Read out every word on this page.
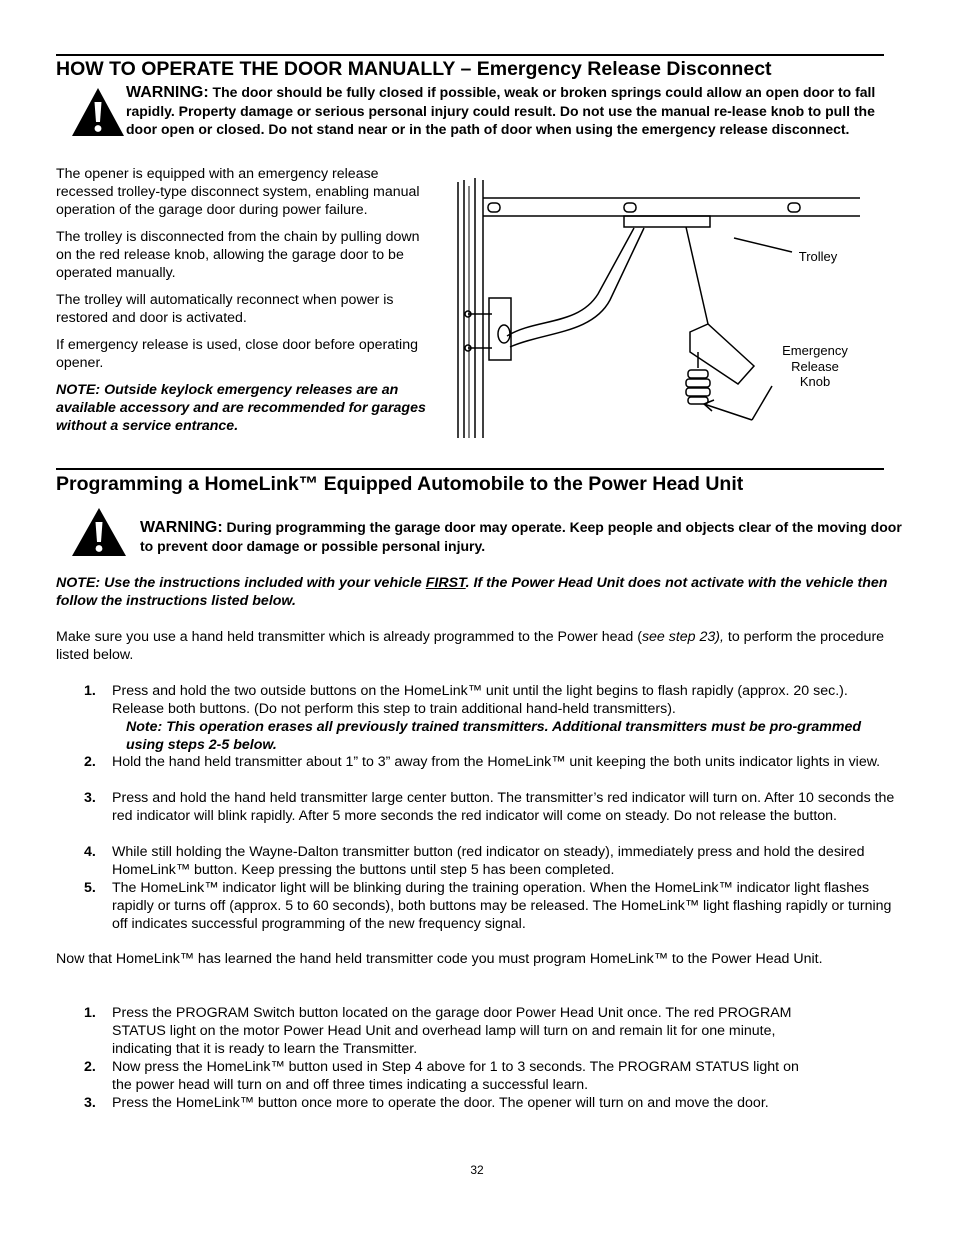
HOW TO OPERATE THE DOOR MANUALLY – Emergency Release Disconnect
WARNING: The door should be fully closed if possible, weak or broken springs could allow an open door to fall rapidly. Property damage or serious personal injury could result. Do not use the manual re-lease knob to pull the door open or closed. Do not stand near or in the path of door when using the emergency release disconnect.

The opener is equipped with an emergency release recessed trolley-type disconnect system, enabling manual operation of the garage door during power failure.

The trolley is disconnected from the chain by pulling down on the red release knob, allowing the garage door to be operated manually.

The trolley will automatically reconnect when power is restored and door is activated.

If emergency release is used, close door before operating opener.

NOTE: Outside keylock emergency releases are an available accessory and are recommended for garages without a service entrance.

Trolley
Emergency
Release
Knob
Programming a HomeLink™ Equipped Automobile to the Power Head Unit
WARNING: During programming the garage door may operate. Keep people and objects clear of the moving door to prevent door damage or possible personal injury.
NOTE: Use the instructions included with your vehicle FIRST. If the Power Head Unit does not activate with the vehicle then follow the instructions listed below.
Make sure you use a hand held transmitter which is already programmed to the Power head (see step 23), to perform the procedure listed below.
1. Press and hold the two outside buttons on the HomeLink™ unit until the light begins to flash rapidly (approx. 20 sec.). Release both buttons. (Do not perform this step to train additional hand-held transmitters).
Note: This operation erases all previously trained transmitters. Additional transmitters must be pro-grammed using steps 2-5 below.
2. Hold the hand held transmitter about 1” to 3” away from the HomeLink™ unit keeping the both units indicator lights in view.
3. Press and hold the hand held transmitter large center button. The transmitter’s red indicator will turn on. After 10 seconds the red indicator will blink rapidly. After 5 more seconds the red indicator will come on steady. Do not release the button.
4. While still holding the Wayne-Dalton transmitter button (red indicator on steady), immediately press and hold the desired HomeLink™ button. Keep pressing the buttons until step 5 has been completed.
5. The HomeLink™ indicator light will be blinking during the training operation. When the HomeLink™ indicator light flashes rapidly or turns off (approx. 5 to 60 seconds), both buttons may be released. The HomeLink™ light flashing rapidly or turning off indicates successful programming of the new frequency signal.
Now that HomeLink™ has learned the hand held transmitter code you must program HomeLink™ to the Power Head Unit.
1. Press the PROGRAM Switch button located on the garage door Power Head Unit once. The red PROGRAM STATUS light on the motor Power Head Unit and overhead lamp will turn on and remain lit for one minute, indicating that it is ready to learn the Transmitter.
2. Now press the HomeLink™ button used in Step 4 above for 1 to 3 seconds. The PROGRAM STATUS light on the power head will turn on and off three times indicating a successful learn.
3. Press the HomeLink™ button once more to operate the door. The opener will turn on and move the door.
32
